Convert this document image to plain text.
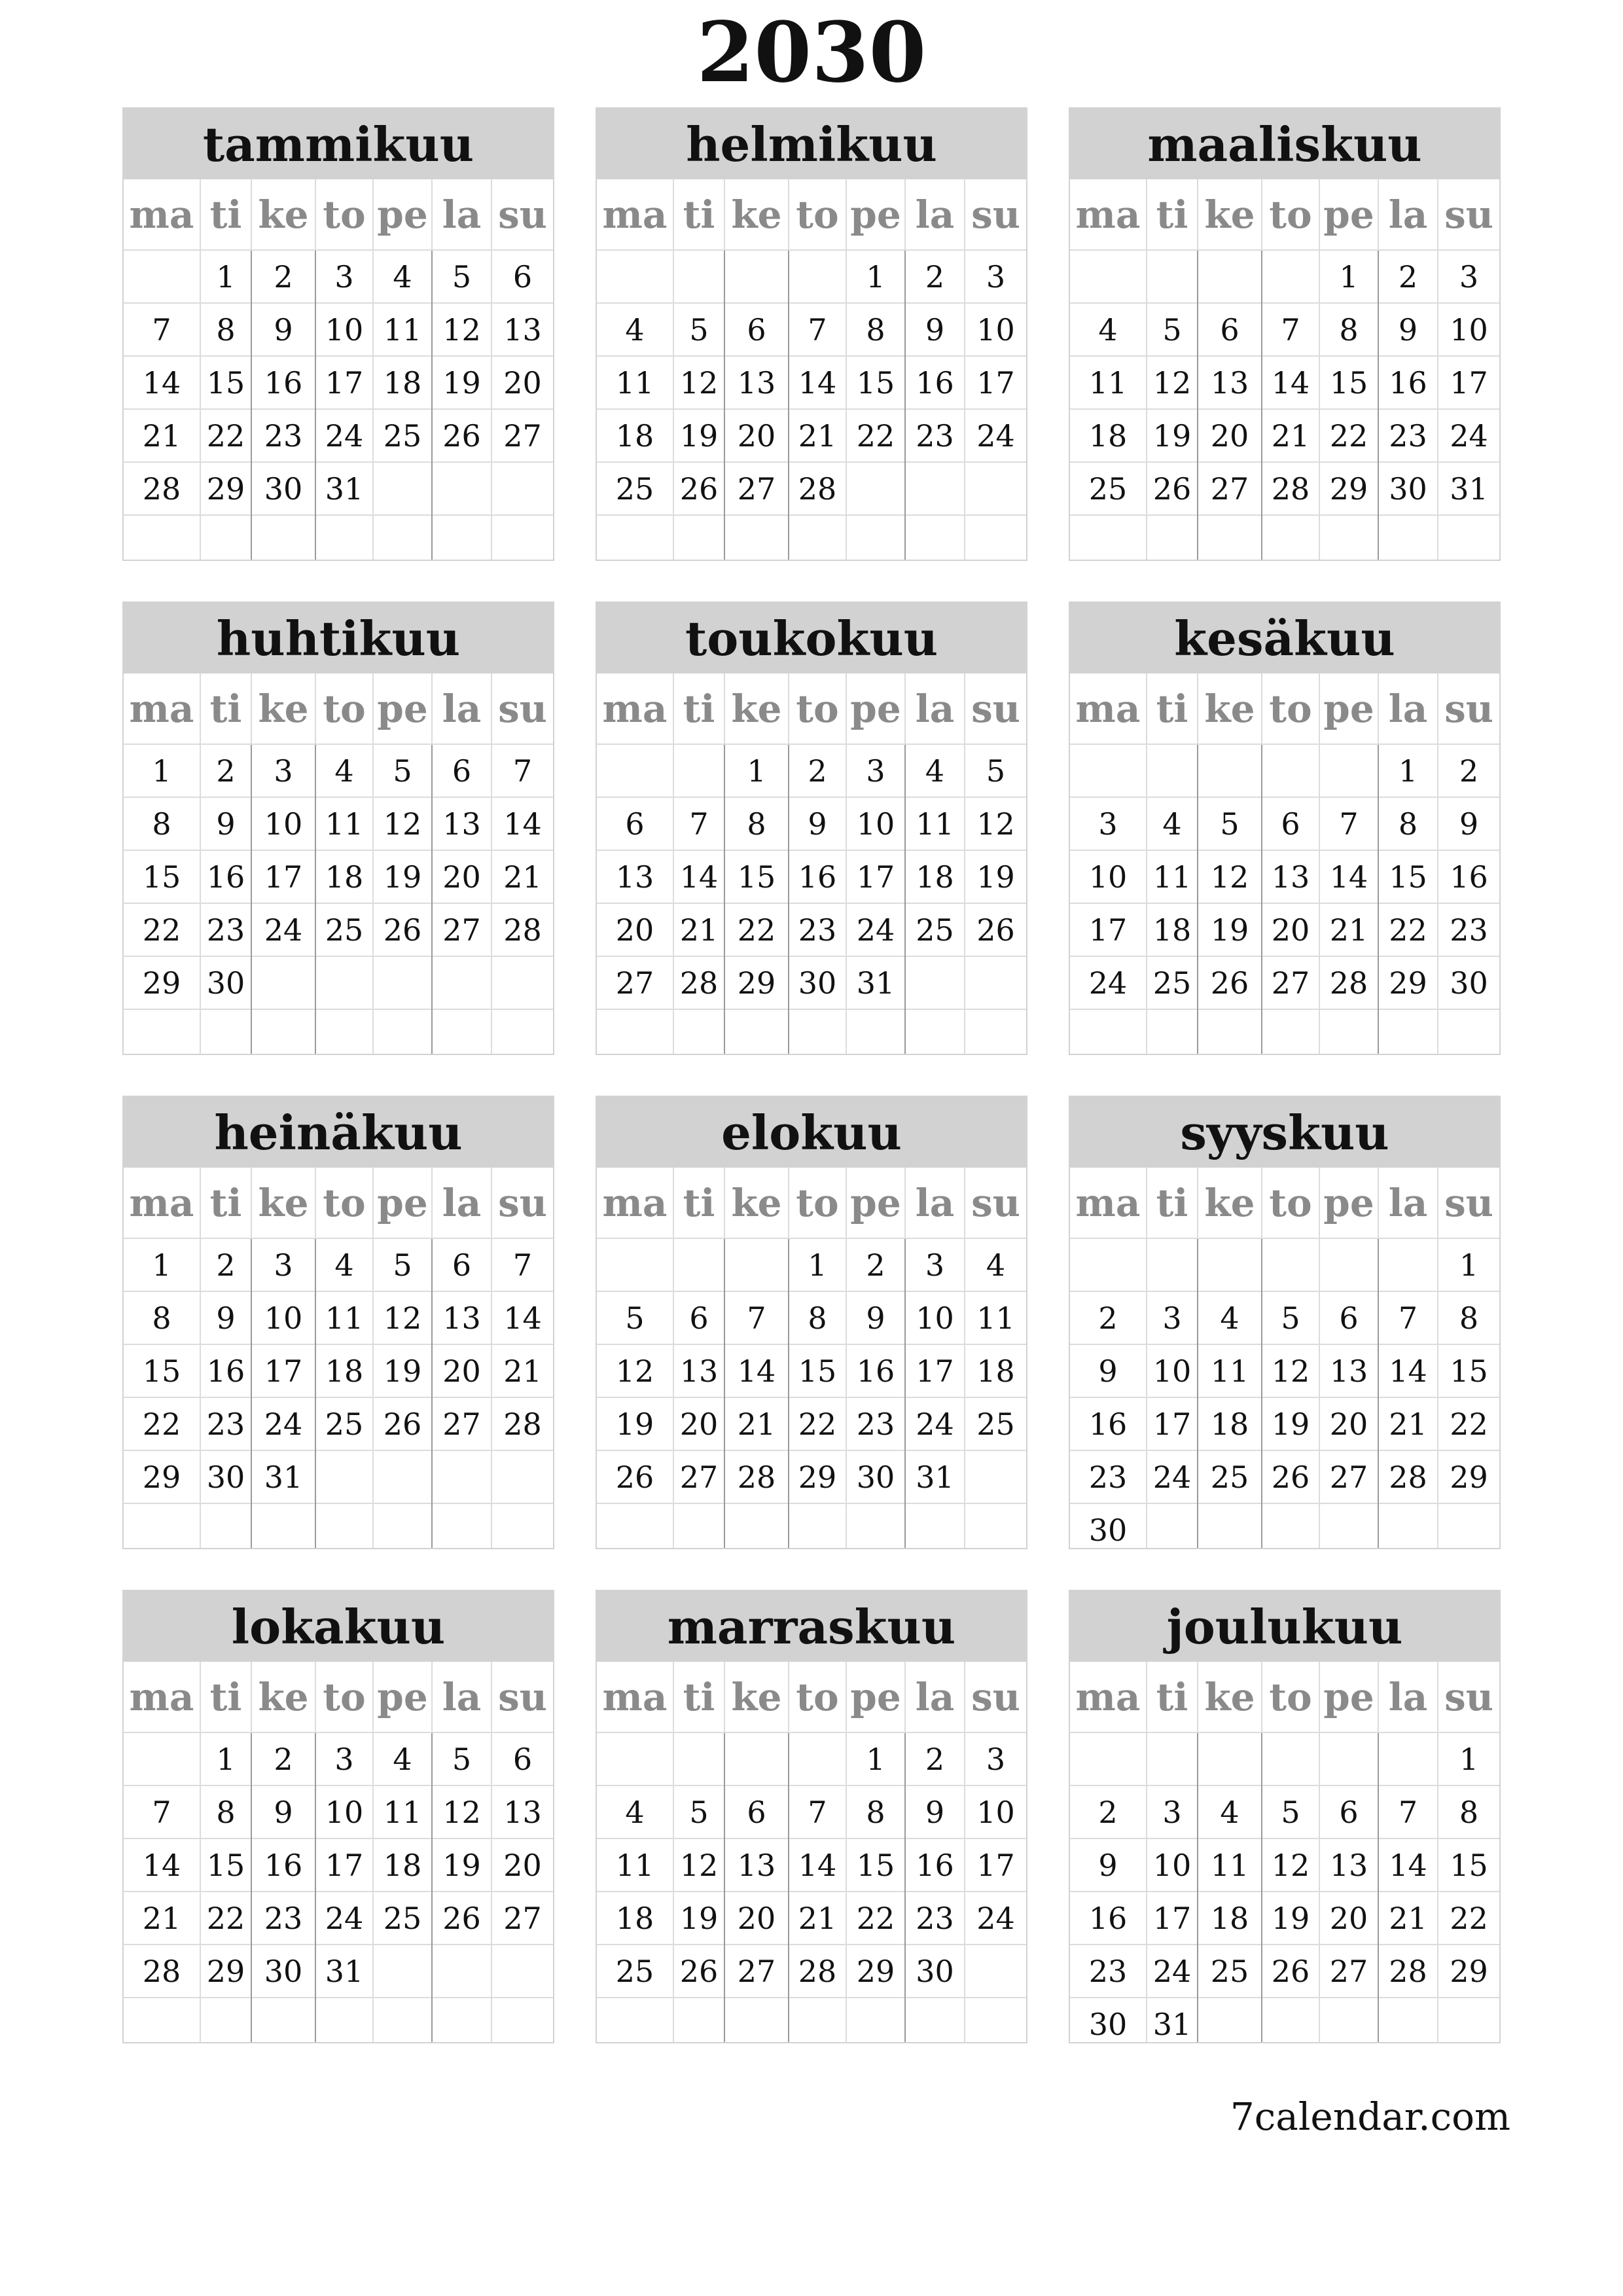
2030
tammikuu
ma	ti	ke	to	pe	la	su
	1	2	3	4	5	6
7	8	9	10	11	12	13
14	15	16	17	18	19	20
21	22	23	24	25	26	27
28	29	30	31			

helmikuu
ma	ti	ke	to	pe	la	su
				1	2	3
4	5	6	7	8	9	10
11	12	13	14	15	16	17
18	19	20	21	22	23	24
25	26	27	28			

maaliskuu
ma	ti	ke	to	pe	la	su
				1	2	3
4	5	6	7	8	9	10
11	12	13	14	15	16	17
18	19	20	21	22	23	24
25	26	27	28	29	30	31

huhtikuu
ma	ti	ke	to	pe	la	su
1	2	3	4	5	6	7
8	9	10	11	12	13	14
15	16	17	18	19	20	21
22	23	24	25	26	27	28
29	30					

toukokuu
ma	ti	ke	to	pe	la	su
		1	2	3	4	5
6	7	8	9	10	11	12
13	14	15	16	17	18	19
20	21	22	23	24	25	26
27	28	29	30	31		

kesäkuu
ma	ti	ke	to	pe	la	su
					1	2
3	4	5	6	7	8	9
10	11	12	13	14	15	16
17	18	19	20	21	22	23
24	25	26	27	28	29	30

heinäkuu
ma	ti	ke	to	pe	la	su
1	2	3	4	5	6	7
8	9	10	11	12	13	14
15	16	17	18	19	20	21
22	23	24	25	26	27	28
29	30	31				

elokuu
ma	ti	ke	to	pe	la	su
			1	2	3	4
5	6	7	8	9	10	11
12	13	14	15	16	17	18
19	20	21	22	23	24	25
26	27	28	29	30	31	

syyskuu
ma	ti	ke	to	pe	la	su
						1
2	3	4	5	6	7	8
9	10	11	12	13	14	15
16	17	18	19	20	21	22
23	24	25	26	27	28	29
30						
lokakuu
ma	ti	ke	to	pe	la	su
	1	2	3	4	5	6
7	8	9	10	11	12	13
14	15	16	17	18	19	20
21	22	23	24	25	26	27
28	29	30	31			

marraskuu
ma	ti	ke	to	pe	la	su
				1	2	3
4	5	6	7	8	9	10
11	12	13	14	15	16	17
18	19	20	21	22	23	24
25	26	27	28	29	30	

joulukuu
ma	ti	ke	to	pe	la	su
						1
2	3	4	5	6	7	8
9	10	11	12	13	14	15
16	17	18	19	20	21	22
23	24	25	26	27	28	29
30	31					
7calendar.com
